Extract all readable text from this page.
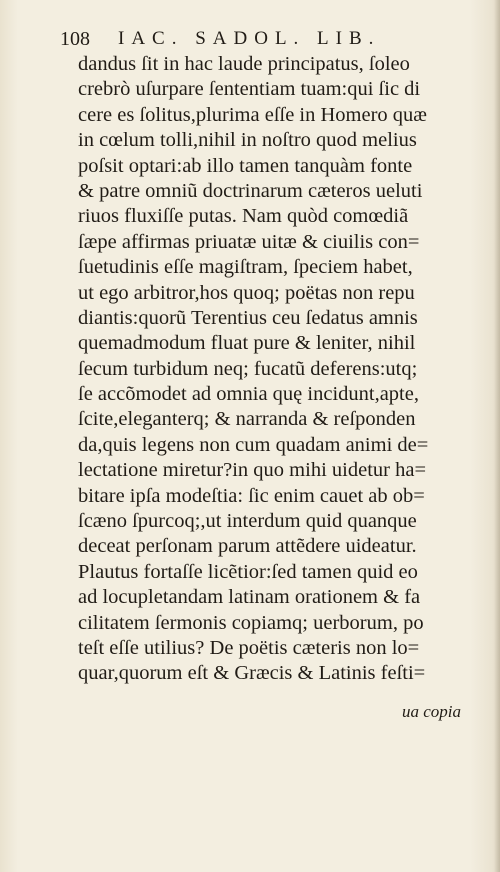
108 IAC. SADOL. LIB.
dandus ſit in hac laude principatus, ſoleo
crebrò uſurpare ſententiam tuam:qui ſic di
cere es ſolitus,plurima eſſe in Homero quæ
in cœlum tolli,nihil in noſtro quod melius
poſsit optari:ab illo tamen tanquàm fonte
& patre omniũ doctrinarum cæteros ueluti
riuos fluxiſſe putas. Nam quòd comœdiã
ſæpe affirmas priuatæ uitæ & ciuilis con=
ſuetudinis eſſe magiſtram, ſpeciem habet,
ut ego arbitror,hos quoq; poëtas non repu
diantis:quorũ Terentius ceu ſedatus amnis
quemadmodum fluat pure & leniter, nihil
ſecum turbidum neq; fucatũ deferens:utq;
ſe accõmodet ad omnia quę incidunt,apte,
ſcite,eleganterq; & narranda & reſponden
da,quis legens non cum quadam animi de=
lectatione miretur?in quo mihi uidetur ha=
bitare ipſa modeſtia: ſic enim cauet ab ob=
ſcæno ſpurcoq;,ut interdum quid quanque
deceat perſonam parum attẽdere uideatur.
Plautus fortaſſe licẽtior:ſed tamen quid eo
ad locupletandam latinam orationem & fa
cilitatem ſermonis copiamq; uerborum, po
teſt eſſe utilius? De poëtis cæteris non lo=
quar,quorum eſt & Græcis & Latinis feſti=
ua copia
